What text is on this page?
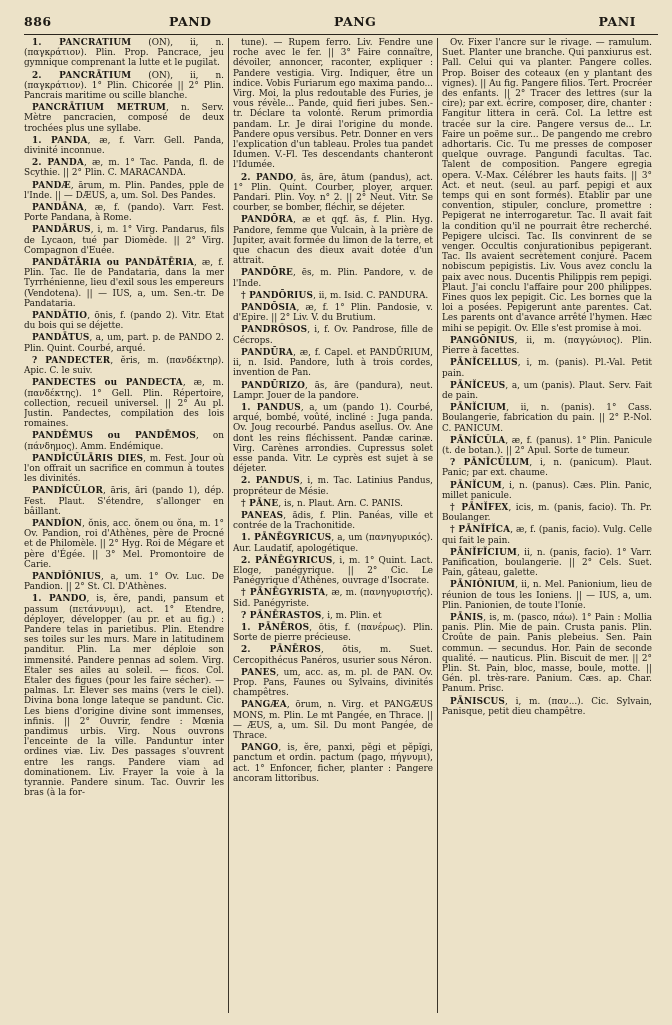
886	PAND	PANG	PANI

1. PANCRĀTIUM (ON), ii, n. (παγκράτιον). Plin. Prop. Pancrace, jeu gymnique comprenant la lutte et le pugilat.

2. PANCRĀTIUM (ON), ii, n. (παγκράτιον). 1° Plin. Chicorée || 2° Plin. Pancrais maritime ou scille blanche.

PANCRĀTIUM METRUM, n. Serv. Mètre pancracien, composé de deux trochées plus une syllabe.

1. PANDA, æ, f. Varr. Gell. Panda, divinité inconnue.

2. PANDA, æ, m. 1° Tac. Panda, fl. de Scythie. || 2° Plin. C. MARACANDA.

PANDÆ, ārum, m. Plin. Pandes, pple de l'Inde. || — DÆUS, a, um. Sol. Des Pandes.

PANDĀNA, æ, f. (pando). Varr. Fest. Porte Pandana, à Rome.

PANDĀRUS, i, m. 1° Virg. Pandarus, fils de Lycaon, tué par Diomède. || 2° Virg. Compagnon d'Euée.

PANDĀTĀRIA ou PANDĀTĒRIA, æ, f. Plin. Tac. Ile de Pandataria, dans la mer Tyrrhénienne, lieu d'exil sous les empereurs (Vendotena). || — IUS, a, um. Sen.-tr. De Pandataria.

PANDĀTIO, ōnis, f. (pando 2). Vitr. Etat du bois qui se déjette.

PANDĀTUS, a, um, part. p. de PANDO 2. Plin. Quint. Courbé, arqué.

? PANDECTER, ĕris, m. (πανδέκτηρ). Apic. C. le suiv.

PANDECTES ou PANDECTA, æ, m. (πανδέκτης). 1° Gell. Plin. Répertoire, collection, recueil universel. || 2° Au pl. Justin. Pandectes, compilation des lois romaines.

PANDĒMUS ou PANDĒMOS, on (πάνδημος). Amm. Endémique.

PANDĪCŬLĀRIS DIES, m. Fest. Jour où l'on offrait un sacrifice en commun à toutes les divinités.

PANDĬCŬLOR, āris, āri (pando 1), dép. Fest. Plaut. S'étendre, s'allonger en bâillant.

PANDĪON, ŏnis, acc. ŏnem ou ŏna, m. 1° Ov. Pandion, roi d'Athènes, père de Procné et de Philomèle. || 2° Hyg. Roi de Mégare et père d'Égée. || 3° Mel. Promontoire de Carie.

PANDĪŎNIUS, a, um. 1° Ov. Luc. De Pandion. || 2° St. Cl. D'Athènes.

1. PANDO, is, ĕre, pandi, pansum et passum (πετάννυμι), act. 1° Etendre, déployer, développer (au pr. et au fig.) : Pandere telas in parietibus. Plin. Etendre ses toiles sur les murs. Mare in latitudinem panditur. Plin. La mer déploie son immensité. Pandere pennas ad solem. Virg. Etaler ses ailes au soleil. — ficos. Col. Etaler des figues (pour les faire sécher). — palmas. Lr. Elever ses mains (vers le ciel). Divina bona longe lateque se pandunt. Cic. Les biens d'origine divine sont immenses, infinis. || 2° Ouvrir, fendre : Mœnia pandimus urbis. Virg. Nous ouvrons l'enceinte de la ville. Panduntur inter ordines viæ. Liv. Des passages s'ouvrent entre les rangs. Pandere viam ad dominationem. Liv. Frayer la voie à la tyrannie. Pandere sinum. Tac. Ouvrir les bras (à la for-

tune). — Rupem ferro. Liv. Fendre une roche avec le fer. || 3° Faire connaître, dévoiler, annoncer, raconter, expliquer : Pandere vestigia. Virg. Indiquer, être un indice. Vobis Furiarum ego maxima pando... Virg. Moi, la plus redoutable des Furies, je vous révèle... Pande, quid fieri jubes. Sen.-tr. Déclare ta volonté. Rerum primordia pandam. Lr. Je dirai l'origine du monde. Pandere opus versibus. Petr. Donner en vers l'explication d'un tableau. Proles tua pandet Idumen. V.-Fl. Tes descendants chanteront l'Idumée.

2. PANDO, ās, āre, ātum (pandus), act. 1° Plin. Quint. Courber, ployer, arquer. Pandari. Plin. Voy. n° 2. || 2° Neut. Vitr. Se courber, se bomber, fléchir, se déjeter.

PANDŌRA, æ et qqf. ās, f. Plin. Hyg. Pandore, femme que Vulcain, à la prière de Jupiter, avait formée du limon de la terre, et que chacun des dieux avait dotée d'un attrait.

PANDŌRE, ēs, m. Plin. Pandore, v. de l'Inde.

† PANDŌRIUS, ii, m. Isid. C. PANDURA.

PANDŌSIA, æ, f. 1° Plin. Pandosie, v. d'Epire. || 2° Liv. V. du Brutium.

PANDRŎSOS, i, f. Ov. Pandrose, fille de Cécrops.

PANDŪRA, æ, f. Capel. et PANDŪRIUM, ii, n. Isid. Pandore, luth à trois cordes, invention de Pan.

PANDŪRIZO, ās, āre (pandura), neut. Lampr. Jouer de la pandore.

1. PANDUS, a, um (pando 1). Courbé, arqué, bombé, voûté, incliné : Juga panda. Ov. Joug recourbé. Pandus asellus. Ov. Ane dont les reins fléchissent. Pandæ carinæ. Virg. Carènes arrondies. Cupressus solet esse panda. Vitr. Le cyprès est sujet à se déjeter.

2. PANDUS, i, m. Tac. Latinius Pandus, propréteur de Mésie.

† PĀNE, is, n. Plaut. Arn. C. PANIS.

PANEAS, ădis, f. Plin. Panéas, ville et contrée de la Trachonitide.

1. PĀNĒGYRICUS, a, um (πανηγυρικός). Aur. Laudatif, apologétique.

2. PĀNĒGYRICUS, i, m. 1° Quint. Lact. Eloge, panégyrique. || 2° Cic. Le Panégyrique d'Athènes, ouvrage d'Isocrate.

† PĀNĒGYRISTA, æ, m. (πανηγυριστής). Sid. Panégyriste.

? PĀNĒRASTOS, i, m. Plin. et

1. PĀNĒROS, ōtis, f. (πανέρως). Plin. Sorte de pierre précieuse.

2. PĀNĒROS, ōtis, m. Suet. Cercopithécus Panéros, usurier sous Néron.

PANES, um, acc. as, m. pl. de PAN. Ov. Prop. Pans, Faunes ou Sylvains, divinités champêtres.

PANGÆA, ōrum, n. Virg. et PANGÆUS MONS, m. Plin. Le mt Pangée, en Thrace. || — ÆUS, a, um. Sil. Du mont Pangée, de Thrace.

PANGO, is, ĕre, panxi, pĕgi et pĕpĭgi, panctum et ordin. pactum (pago, πήγνυμι), act. 1° Enfoncer, ficher, planter : Pangere ancoram littoribus.

Ov. Fixer l'ancre sur le rivage. — ramulum. Suet. Planter une branche. Qui panxiurus est. Pall. Celui qui va planter. Pangere colles. Prop. Boiser des coteaux (en y plantant des vignes). || Au fig. Pangere filios. Tert. Procréer des enfants. || 2° Tracer des lettres (sur la cire); par ext. écrire, composer, dire, chanter : Fangitur littera in cerā. Col. La lettre est tracée sur la cire. Pangere versus de... Lr. Faire un poëme sur... De pangendo me crebro adhortaris. Cic. Tu me presses de composer quelque ouvrage. Pangundi facultas. Tac. Talent de composition. Pangere egregia opera. V.-Max. Célébrer les hauts faits. || 3° Act. et neut. (seul. au parf. pepigi et aux temps qui en sont formés). Etablir par une convention, stipuler, conclure, promettre : Pepigerat ne interrogaretur. Tac. Il avait fait la condition qu'il ne pourrait être recherché. Pepigere ulcisci. Tac. Ils convinrent de se venger. Occultis conjurationibus pepigerant. Tac. Ils avaient secrètement conjuré. Pacem nobiscum pepigistis. Liv. Vous avez conclu la paix avec nous. Ducentis Philippis rem pepigi. Plaut. J'ai conclu l'affaire pour 200 philippes. Fines quos lex pepigit. Cic. Les bornes que la loi a posées. Pepigerunt ante parentes. Cat. Les parents ont d'avance arrêté l'hymen. Hæc mihi se pepigit. Ov. Elle s'est promise à moi.

PANGŌNIUS, ii, m. (παγγώνιος). Plin. Pierre à facettes.

PĀNĬCELLUS, i, m. (panis). Pl.-Val. Petit pain.

PĀNĬCEUS, a, um (panis). Plaut. Serv. Fait de pain.

PĀNĬCIUM, ii, n. (panis). 1° Cass. Boulangerie, fabrication du pain. || 2° P.-Nol. C. PANICUM.

PĀNĬCŬLA, æ, f. (panus). 1° Plin. Panicule (t. de botan.). || 2° Apul. Sorte de tumeur.

? PĀNĬCŬLUM, i, n. (panicum). Plaut. Panic; par ext. chaume.

PĀNĬCUM, i, n. (panus). Cæs. Plin. Panic, millet panicule.

† PĀNĬFEX, icis, m. (panis, facio). Th. Pr. Boulanger.

† PĀNĬFĬCA, æ, f. (panis, facio). Vulg. Celle qui fait le pain.

PĀNĬFĬCIUM, ii, n. (panis, facio). 1° Varr. Panification, boulangerie. || 2° Cels. Suet. Pain, gâteau, galette.

PĀNIŎNIUM, ii, n. Mel. Panionium, lieu de réunion de tous les Ioniens. || — IUS, a, um. Plin. Panionien, de toute l'Ionie.

PĀNIS, is, m. (pasco, πάω). 1° Pain : Mollia panis. Plin. Mie de pain. Crusta panis. Plin. Croûte de pain. Panis plebeius. Sen. Pain commun. — secundus. Hor. Pain de seconde qualité. — nauticus. Plin. Biscuit de mer. || 2° Plin. St. Pain, bloc, masse, boule, motte. || Gén. pl. très-rare. Panium. Cæs. ap. Char. Panum. Prisc.

PĀNISCUS, i, m. (παν...). Cic. Sylvain, Panisque, petit dieu champêtre.
